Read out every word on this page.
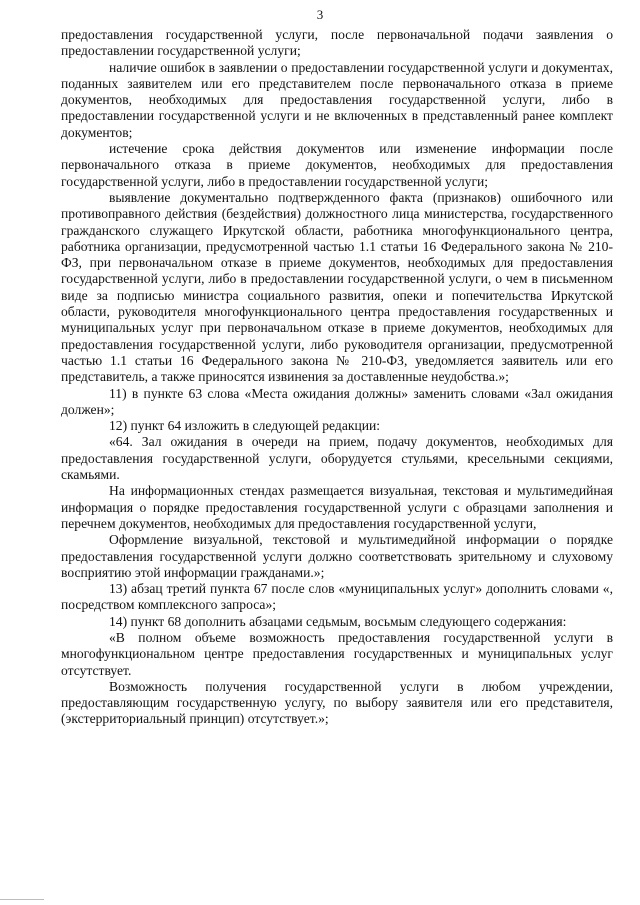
3

предоставления государственной услуги, после первоначальной подачи заявления о предоставлении государственной услуги;

наличие ошибок в заявлении о предоставлении государственной услуги и документах, поданных заявителем или его представителем после первоначального отказа в приеме документов, необходимых для предоставления государственной услуги, либо в предоставлении государственной услуги и не включенных в представленный ранее комплект документов;

истечение срока действия документов или изменение информации после первоначального отказа в приеме документов, необходимых для предоставления государственной услуги, либо в предоставлении государственной услуги;

выявление документально подтвержденного факта (признаков) ошибочного или противоправного действия (бездействия) должностного лица министерства, государственного гражданского служащего Иркутской области, работника многофункционального центра, работника организации, предусмотренной частью 1.1 статьи 16 Федерального закона № 210-ФЗ, при первоначальном отказе в приеме документов, необходимых для предоставления государственной услуги, либо в предоставлении государственной услуги, о чем в письменном виде за подписью министра социального развития, опеки и попечительства Иркутской области, руководителя многофункционального центра предоставления государственных и муниципальных услуг при первоначальном отказе в приеме документов, необходимых для предоставления государственной услуги, либо руководителя организации, предусмотренной частью 1.1 статьи 16 Федерального закона № 210-ФЗ, уведомляется заявитель или его представитель, а также приносятся извинения за доставленные неудобства.»;

11) в пункте 63 слова «Места ожидания должны» заменить словами «Зал ожидания должен»;

12) пункт 64 изложить в следующей редакции:

«64. Зал ожидания в очереди на прием, подачу документов, необходимых для предоставления государственной услуги, оборудуется стульями, кресельными секциями, скамьями.

На информационных стендах размещается визуальная, текстовая и мультимедийная информация о порядке предоставления государственной услуги с образцами заполнения и перечнем документов, необходимых для предоставления государственной услуги,

Оформление визуальной, текстовой и мультимедийной информации о порядке предоставления государственной услуги должно соответствовать зрительному и слуховому восприятию этой информации гражданами.»;

13) абзац третий пункта 67 после слов «муниципальных услуг» дополнить словами «, посредством комплексного запроса»;

14) пункт 68 дополнить абзацами седьмым, восьмым следующего содержания:

«В полном объеме возможность предоставления государственной услуги в многофункциональном центре предоставления государственных и муниципальных услуг отсутствует.

Возможность получения государственной услуги в любом учреждении, предоставляющим государственную услугу, по выбору заявителя или его представителя, (экстерриториальный принцип) отсутствует.»;
